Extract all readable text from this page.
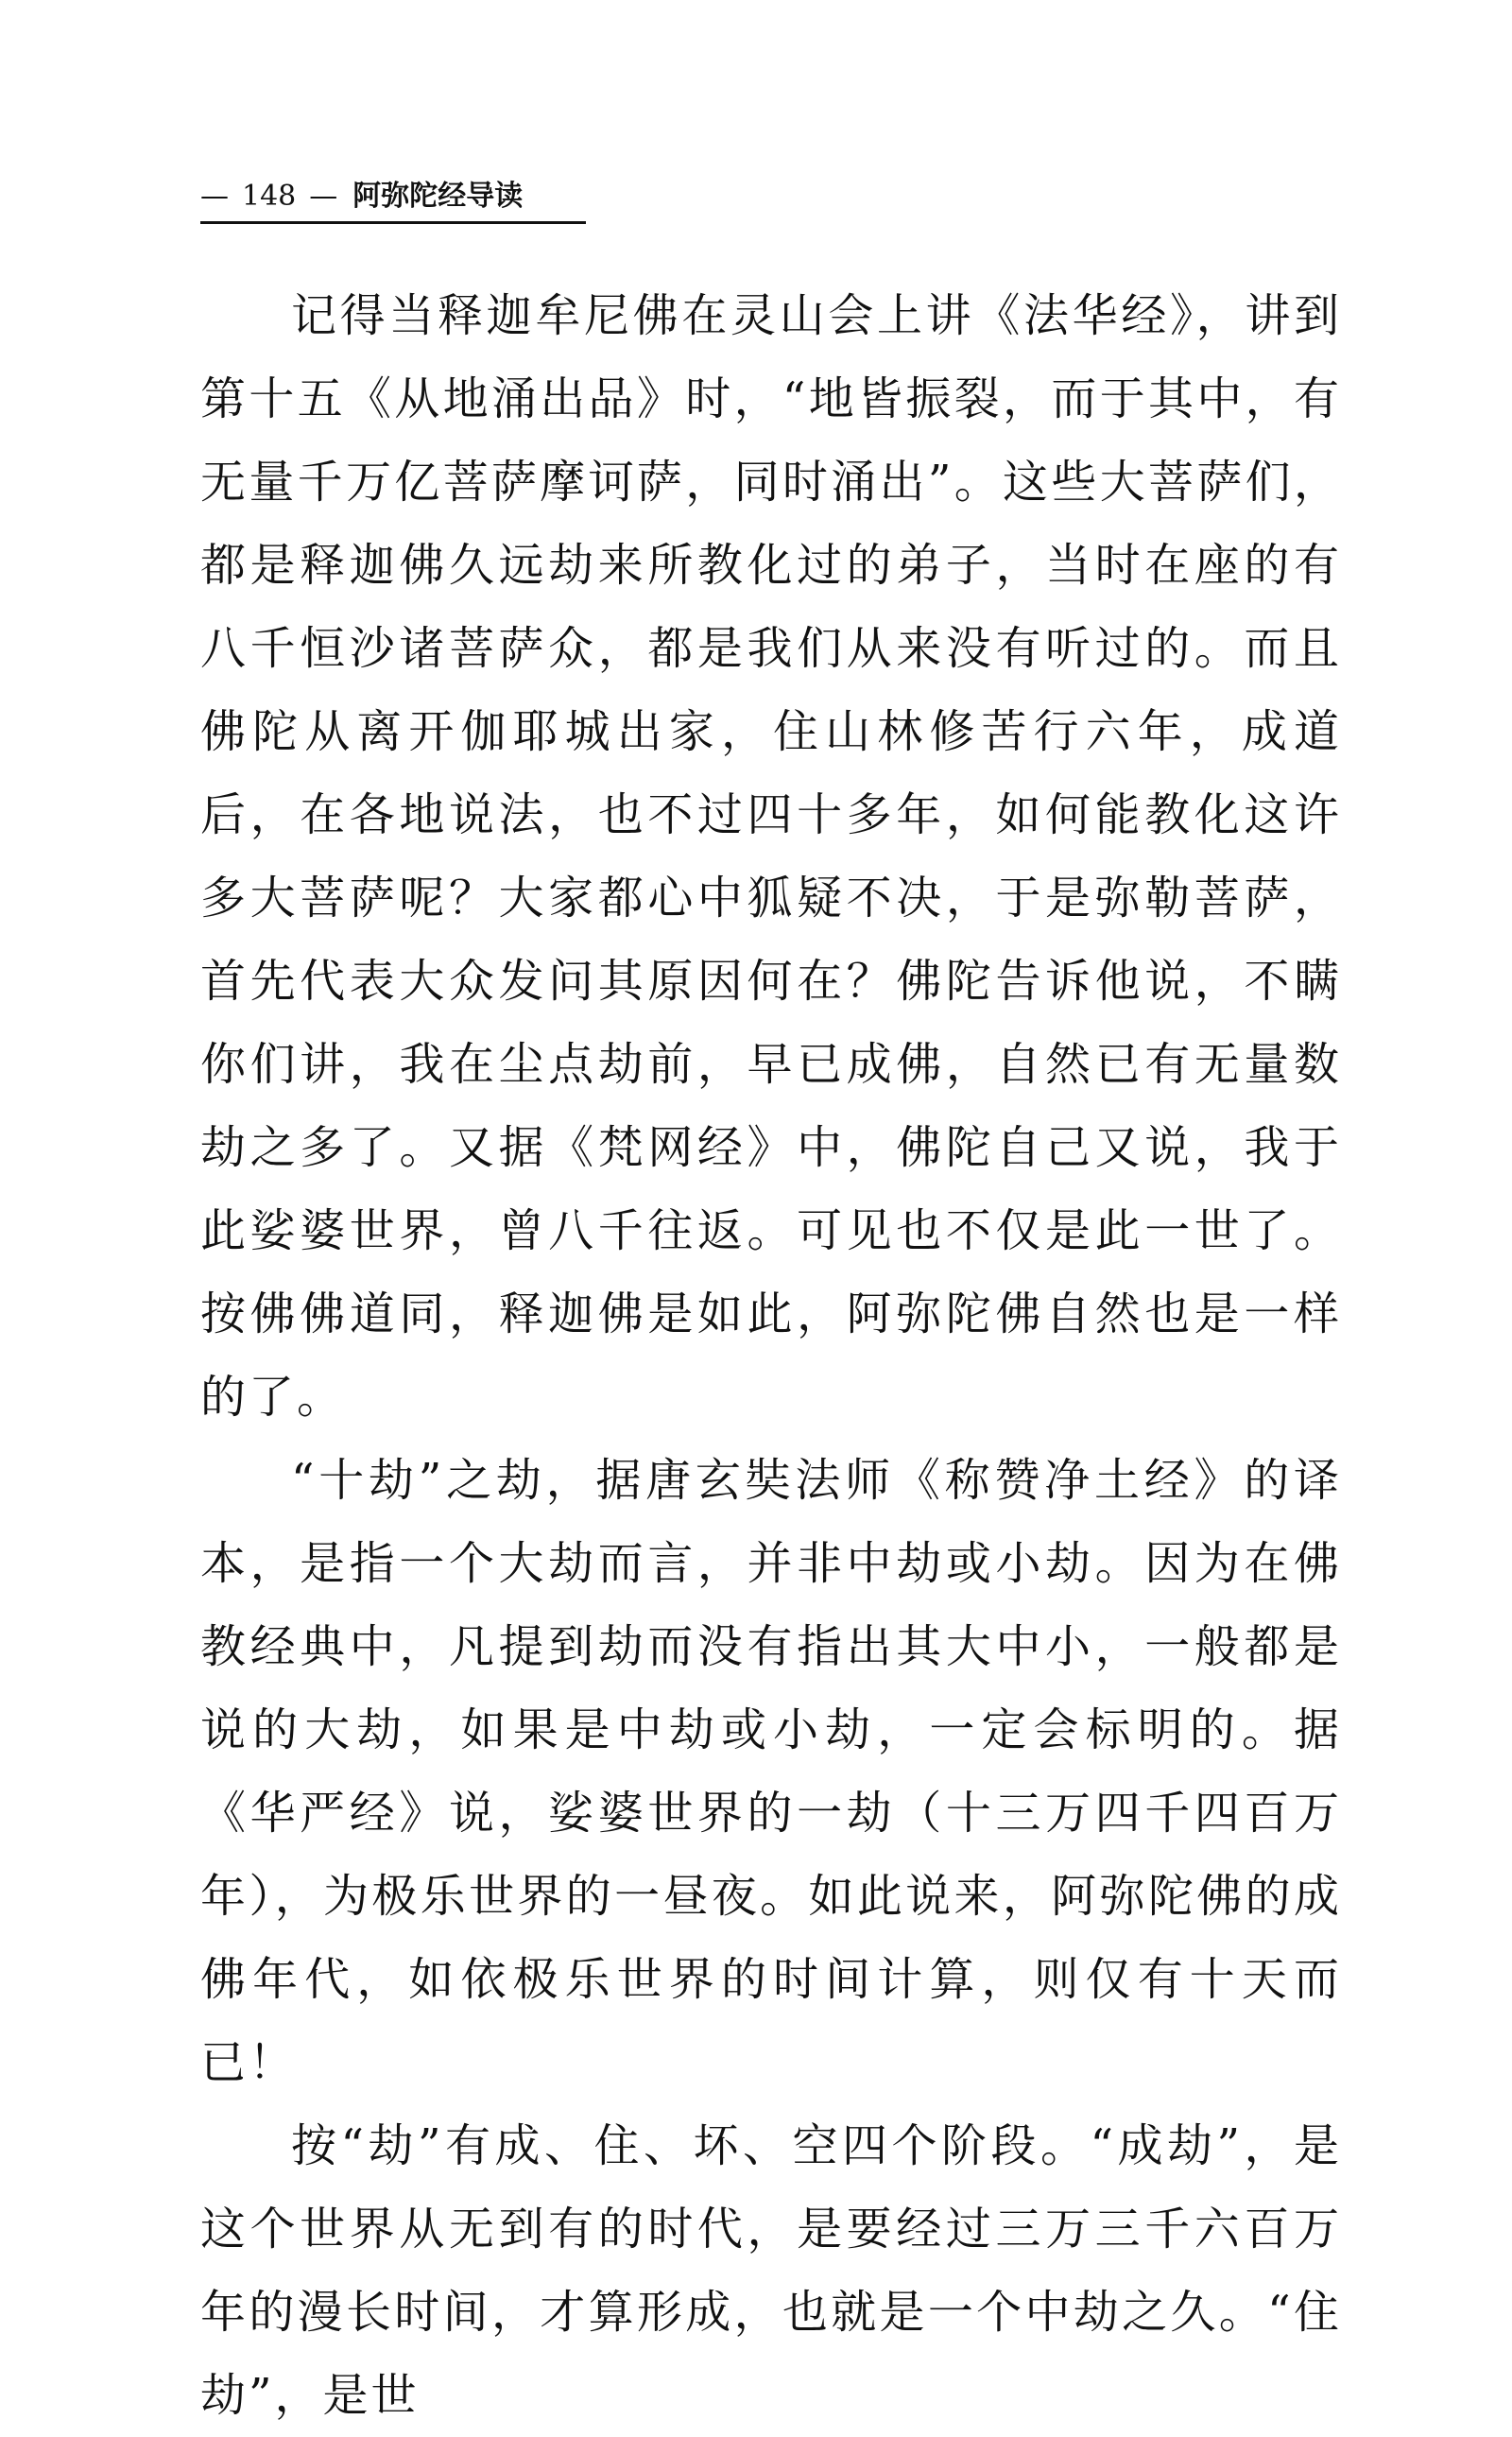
— 148 — 阿弥陀经导读

记得当释迦牟尼佛在灵山会上讲《法华经》，讲到第十五《从地涌出品》时，“地皆振裂，而于其中，有无量千万亿菩萨摩诃萨，同时涌出”。这些大菩萨们，都是释迦佛久远劫来所教化过的弟子，当时在座的有八千恒沙诸菩萨众，都是我们从来没有听过的。而且佛陀从离开伽耶城出家，住山林修苦行六年，成道后，在各地说法，也不过四十多年，如何能教化这许多大菩萨呢？大家都心中狐疑不决，于是弥勒菩萨，首先代表大众发问其原因何在？佛陀告诉他说，不瞒你们讲，我在尘点劫前，早已成佛，自然已有无量数劫之多了。又据《梵网经》中，佛陀自己又说，我于此娑婆世界，曾八千往返。可见也不仅是此一世了。按佛佛道同，释迦佛是如此，阿弥陀佛自然也是一样的了。

“十劫”之劫，据唐玄奘法师《称赞净土经》的译本，是指一个大劫而言，并非中劫或小劫。因为在佛教经典中，凡提到劫而没有指出其大中小，一般都是说的大劫，如果是中劫或小劫，一定会标明的。据《华严经》说，娑婆世界的一劫（十三万四千四百万年），为极乐世界的一昼夜。如此说来，阿弥陀佛的成佛年代，如依极乐世界的时间计算，则仅有十天而已！

按“劫”有成、住、坏、空四个阶段。“成劫”，是这个世界从无到有的时代，是要经过三万三千六百万年的漫长时间，才算形成，也就是一个中劫之久。“住劫”，是世
